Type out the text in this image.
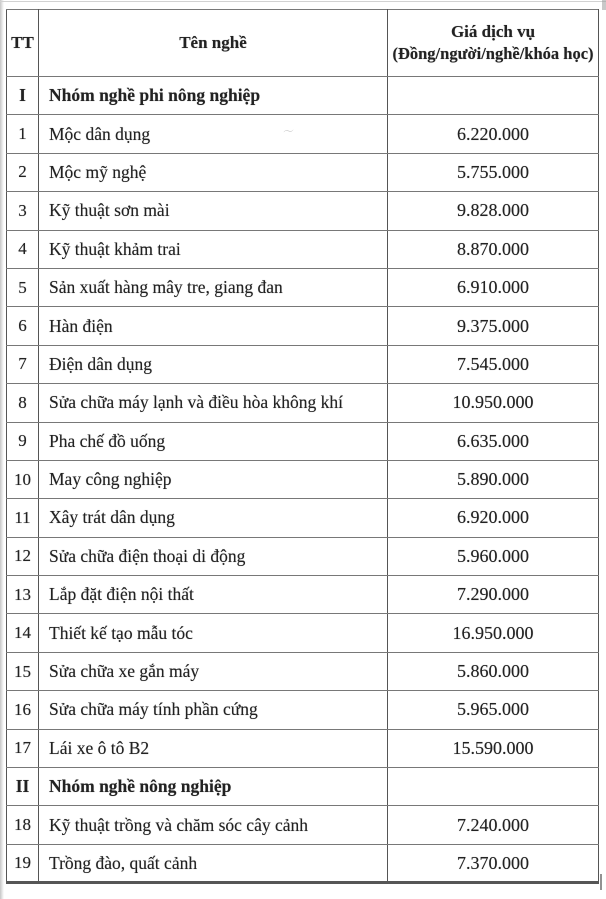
〜
TT	Tên nghề	Giá dịch vụ
(Đồng/người/nghề/khóa học)

I	Nhóm nghề phi nông nghiệp	
1	Mộc dân dụng	6.220.000
2	Mộc mỹ nghệ	5.755.000
3	Kỹ thuật sơn mài	9.828.000
4	Kỹ thuật khảm trai	8.870.000
5	Sản xuất hàng mây tre, giang đan	6.910.000
6	Hàn điện	9.375.000
7	Điện dân dụng	7.545.000
8	Sửa chữa máy lạnh và điều hòa không khí	10.950.000
9	Pha chế đồ uống	6.635.000
10	May công nghiệp	5.890.000
11	Xây trát dân dụng	6.920.000
12	Sửa chữa điện thoại di động	5.960.000
13	Lắp đặt điện nội thất	7.290.000
14	Thiết kế tạo mẫu tóc	16.950.000
15	Sửa chữa xe gắn máy	5.860.000
16	Sửa chữa máy tính phần cứng	5.965.000
17	Lái xe ô tô B2	15.590.000
II	Nhóm nghề nông nghiệp	
18	Kỹ thuật trồng và chăm sóc cây cảnh	7.240.000
19	Trồng đào, quất cảnh	7.370.000
